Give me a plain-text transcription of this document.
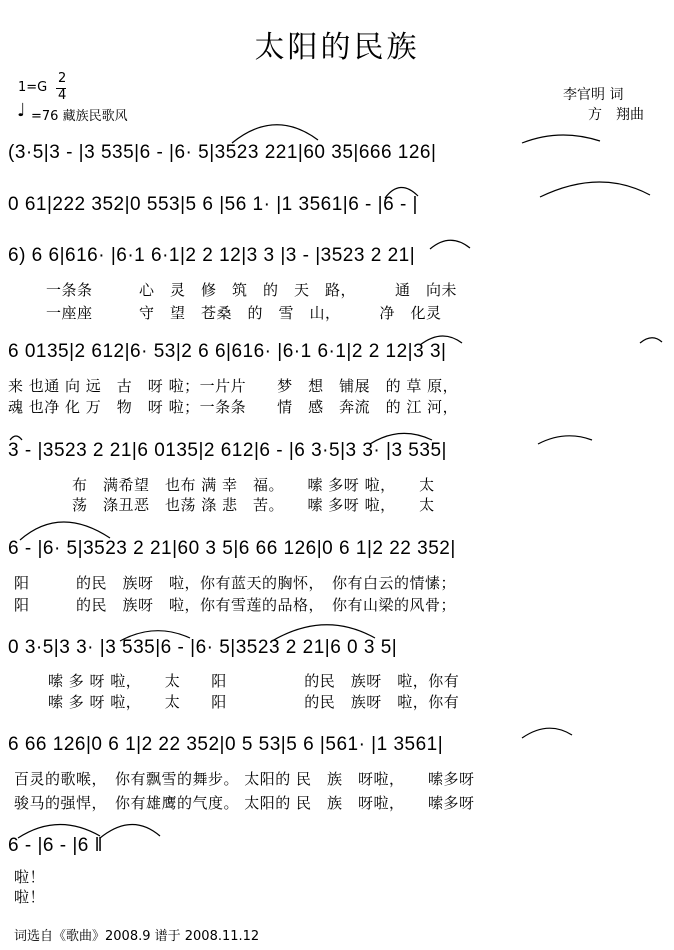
太阳的民族
1=G
2
4
♩ =76 藏族民歌风
李官明 词
方　翔曲
(3·5|3 - |3 535|6 - |6· 5|3523 221|60 35|666 126|
0 61|222 352|0 553|5 6 |56 1· |1 3561|6 - |6 - |
6) 6 6|616· |6·1 6·1|2 2 12|3 3 |3 - |3523 2 21|
一条条　　　心　灵　修　筑　的　天　路，　　　通　向未
一座座　　　守　望　苍桑　的　雪　山，　　　净　化灵
6 0135|2 612|6· 53|2 6 6|616· |6·1 6·1|2 2 12|3 3|
来 也通 向 远　古　呀 啦；一片片　　梦　想　铺展　的 草 原，
魂 也净 化 万　物　呀 啦；一条条　　情　感　奔流　的 江 河，
3 - |3523 2 21|6 0135|2 612|6 - |6 3·5|3 3· |3 535|
布　满希望　也布 满 幸　福。　　嗦 多呀 啦，　　太
荡　涤丑恶　也荡 涤 悲　苦。　　嗦 多呀 啦，　　太
6 - |6· 5|3523 2 21|60 3 5|6 66 126|0 6 1|2 22 352|
阳　　　的民　族呀　啦，你有蓝天的胸怀，　你有白云的情愫；
阳　　　的民　族呀　啦，你有雪莲的品格，　你有山梁的风骨；
0 3·5|3 3· |3 535|6 - |6· 5|3523 2 21|6 0 3 5|
嗦 多 呀 啦，　　太　　阳　　　　　的民　族呀　啦，你有
嗦 多 呀 啦，　　太　　阳　　　　　的民　族呀　啦，你有
6 66 126|0 6 1|2 22 352|0 5 53|5 6 |561· |1 3561|
百灵的歌喉，　你有飘雪的舞步。 太阳的 民　族　呀啦，　　嗦多呀
骏马的强悍，　你有雄鹰的气度。 太阳的 民　族　呀啦，　　嗦多呀
6 - |6 - |6 ‖
啦！
啦！
词选自《歌曲》2008.9 谱于 2008.11.12
